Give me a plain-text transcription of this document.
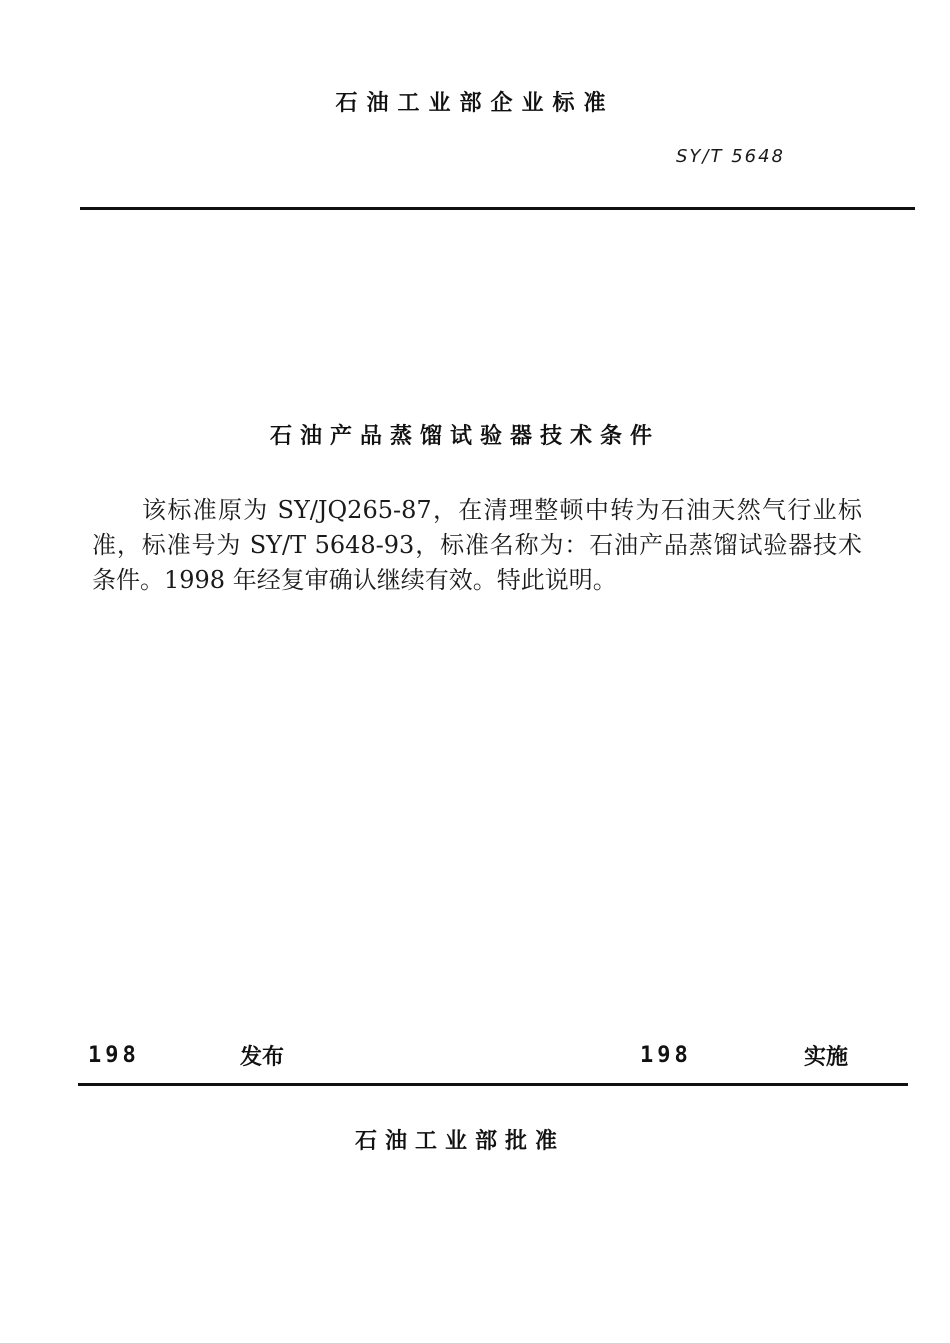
石油工业部企业标准
SY/T 5648
石油产品蒸馏试验器技术条件
该标准原为 SY/JQ265-87，在清理整顿中转为石油天然气行业标准，标准号为 SY/T 5648-93，标准名称为：石油产品蒸馏试验器技术条件。1998 年经复审确认继续有效。特此说明。
198	发布	198	实施
石油工业部批准
